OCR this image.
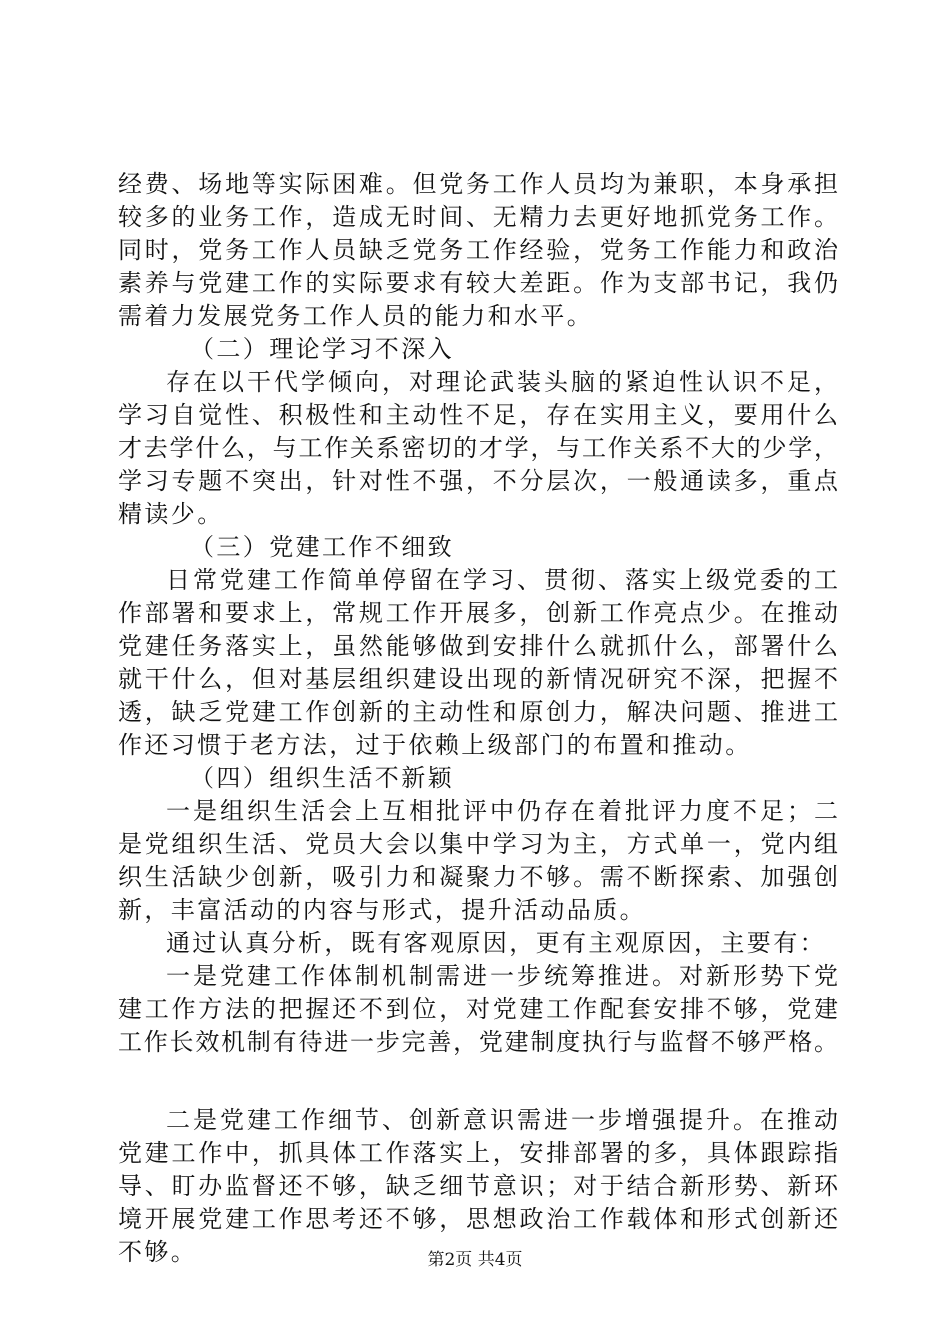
经费、场地等实际困难。但党务工作人员均为兼职，本身承担
较多的业务工作，造成无时间、无精力去更好地抓党务工作。
同时，党务工作人员缺乏党务工作经验，党务工作能力和政治
素养与党建工作的实际要求有较大差距。作为支部书记，我仍
需着力发展党务工作人员的能力和水平。
（二）理论学习不深入
存在以干代学倾向，对理论武装头脑的紧迫性认识不足，
学习自觉性、积极性和主动性不足，存在实用主义，要用什么
才去学什么，与工作关系密切的才学，与工作关系不大的少学，
学习专题不突出，针对性不强，不分层次，一般通读多，重点
精读少。
（三）党建工作不细致
日常党建工作简单停留在学习、贯彻、落实上级党委的工
作部署和要求上，常规工作开展多，创新工作亮点少。在推动
党建任务落实上，虽然能够做到安排什么就抓什么，部署什么
就干什么，但对基层组织建设出现的新情况研究不深，把握不
透，缺乏党建工作创新的主动性和原创力，解决问题、推进工
作还习惯于老方法，过于依赖上级部门的布置和推动。
（四）组织生活不新颖
一是组织生活会上互相批评中仍存在着批评力度不足；二
是党组织生活、党员大会以集中学习为主，方式单一，党内组
织生活缺少创新，吸引力和凝聚力不够。需不断探索、加强创
新，丰富活动的内容与形式，提升活动品质。
通过认真分析，既有客观原因，更有主观原因，主要有：
一是党建工作体制机制需进一步统筹推进。对新形势下党
建工作方法的把握还不到位，对党建工作配套安排不够，党建
工作长效机制有待进一步完善，党建制度执行与监督不够严格。
二是党建工作细节、创新意识需进一步增强提升。在推动
党建工作中，抓具体工作落实上，安排部署的多，具体跟踪指
导、盯办监督还不够，缺乏细节意识；对于结合新形势、新环
境开展党建工作思考还不够，思想政治工作载体和形式创新还
不够。	第2页 共4页
